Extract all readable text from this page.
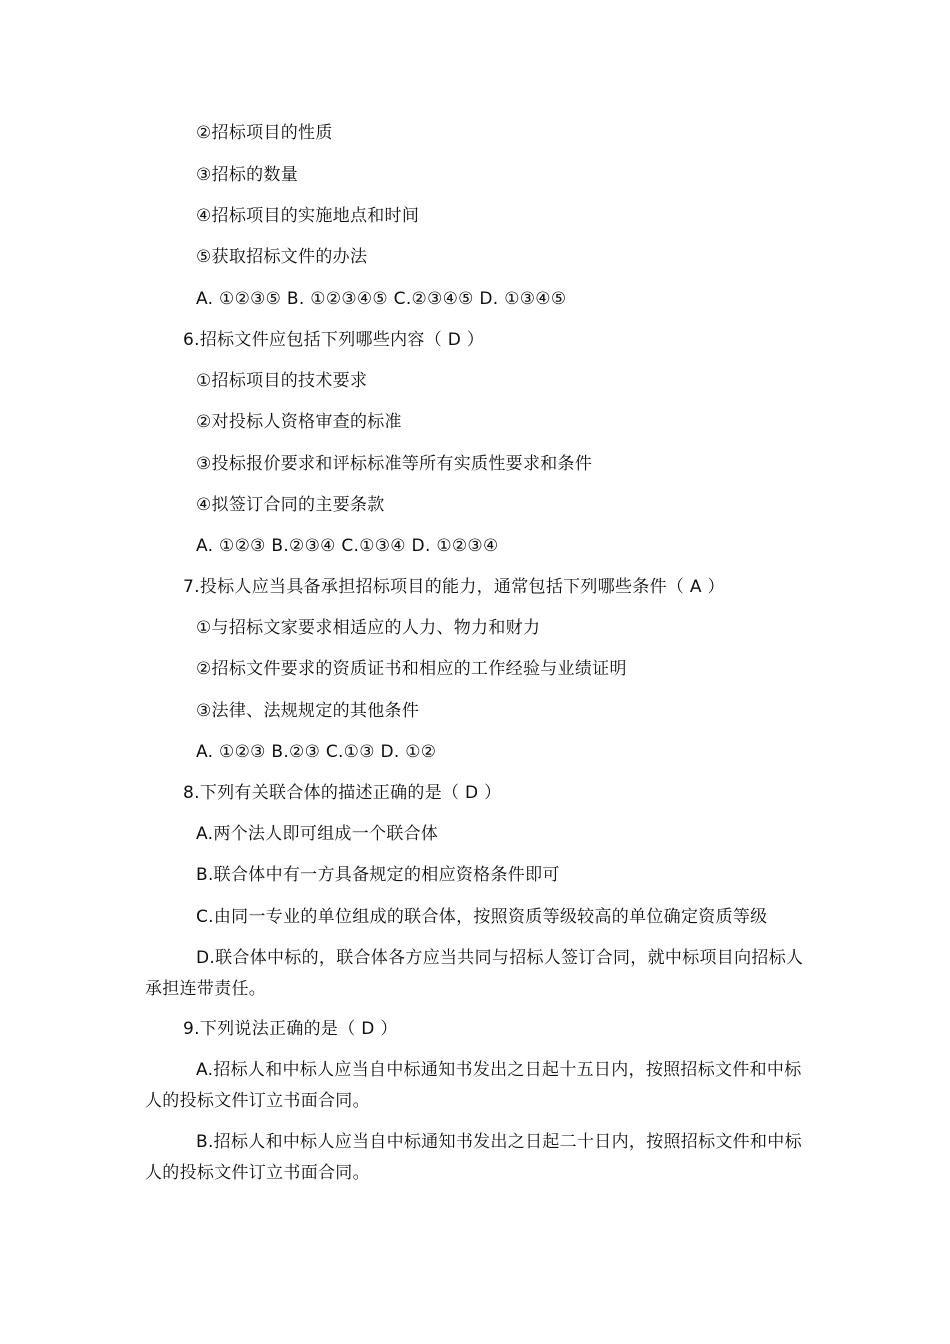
②招标项目的性质
③招标的数量
④招标项目的实施地点和时间
⑤获取招标文件的办法
A. ①②③⑤ B. ①②③④⑤ C.②③④⑤ D. ①③④⑤
6.招标文件应包括下列哪些内容（ D ）
①招标项目的技术要求
②对投标人资格审查的标准
③投标报价要求和评标标准等所有实质性要求和条件
④拟签订合同的主要条款
A. ①②③ B.②③④ C.①③④ D. ①②③④
7.投标人应当具备承担招标项目的能力，通常包括下列哪些条件（ A ）
①与招标文家要求相适应的人力、物力和财力
②招标文件要求的资质证书和相应的工作经验与业绩证明
③法律、法规规定的其他条件
A. ①②③ B.②③ C.①③ D. ①②
8.下列有关联合体的描述正确的是（ D ）
A.两个法人即可组成一个联合体
B.联合体中有一方具备规定的相应资格条件即可
C.由同一专业的单位组成的联合体，按照资质等级较高的单位确定资质等级
D.联合体中标的，联合体各方应当共同与招标人签订合同，就中标项目向招标人
承担连带责任。
9.下列说法正确的是（ D ）
A.招标人和中标人应当自中标通知书发出之日起十五日内，按照招标文件和中标
人的投标文件订立书面合同。
B.招标人和中标人应当自中标通知书发出之日起二十日内，按照招标文件和中标
人的投标文件订立书面合同。
